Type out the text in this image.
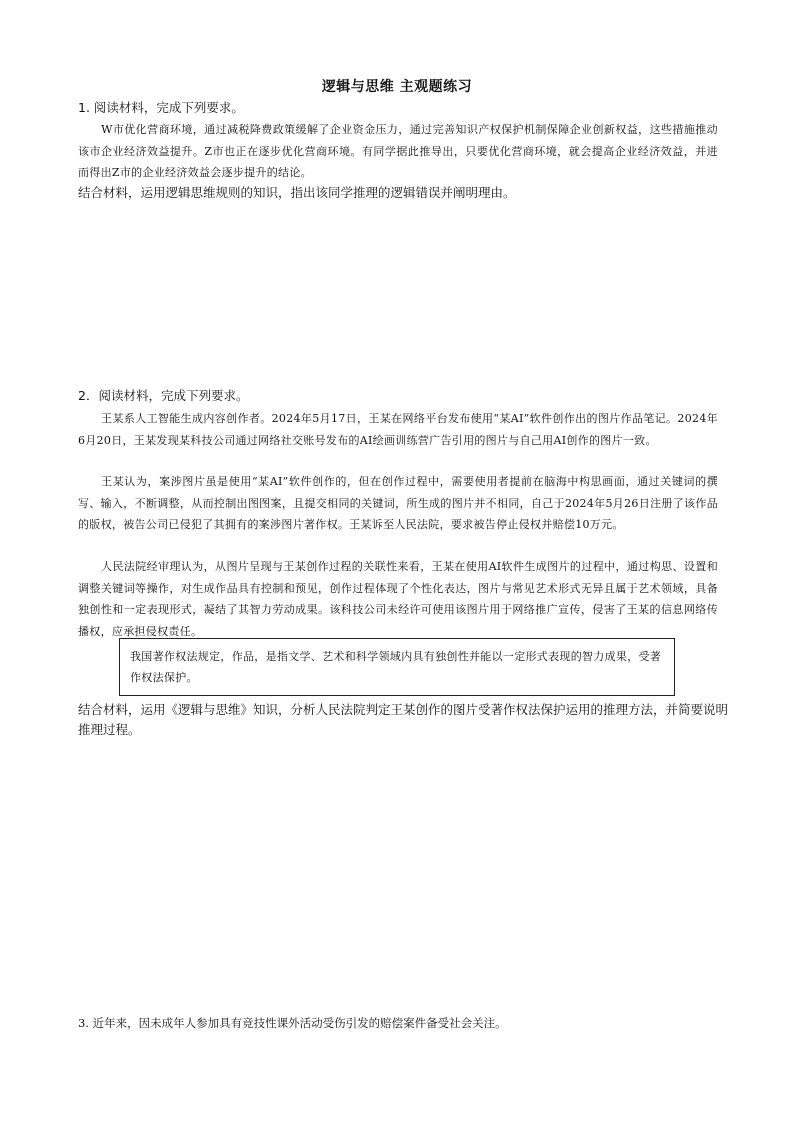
逻辑与思维 主观题练习
1. 阅读材料，完成下列要求。
W市优化营商环境，通过减税降费政策缓解了企业资金压力，通过完善知识产权保护机制保障企业创新权益，这些措施推动该市企业经济效益提升。Z市也正在逐步优化营商环境。有同学据此推导出，只要优化营商环境，就会提高企业经济效益，并进而得出Z市的企业经济效益会逐步提升的结论。
结合材料，运用逻辑思维规则的知识，指出该同学推理的逻辑错误并阐明理由。
2．阅读材料，完成下列要求。
王某系人工智能生成内容创作者。2024年5月17日，王某在网络平台发布使用“某AI”软件创作出的图片作品笔记。2024年6月20日，王某发现某科技公司通过网络社交账号发布的AI绘画训练营广告引用的图片与自己用AI创作的图片一致。
王某认为，案涉图片虽是使用“某AI”软件创作的，但在创作过程中，需要使用者提前在脑海中构思画面，通过关键词的撰写、输入，不断调整，从而控制出图图案，且提交相同的关键词，所生成的图片并不相同，自己于2024年5月26日注册了该作品的版权，被告公司已侵犯了其拥有的案涉图片著作权。王某诉至人民法院，要求被告停止侵权并赔偿10万元。
人民法院经审理认为，从图片呈现与王某创作过程的关联性来看，王某在使用AI软件生成图片的过程中，通过构思、设置和调整关键词等操作，对生成作品具有控制和预见，创作过程体现了个性化表达，图片与常见艺术形式无异且属于艺术领域，具备独创性和一定表现形式，凝结了其智力劳动成果。该科技公司未经许可使用该图片用于网络推广宣传，侵害了王某的信息网络传播权，应承担侵权责任。
我国著作权法规定，作品，是指文学、艺术和科学领域内具有独创性并能以一定形式表现的智力成果，受著作权法保护。
结合材料，运用《逻辑与思维》知识，分析人民法院判定王某创作的图片受著作权法保护运用的推理方法，并简要说明推理过程。
3. 近年来，因未成年人参加具有竞技性课外活动受伤引发的赔偿案件备受社会关注。
